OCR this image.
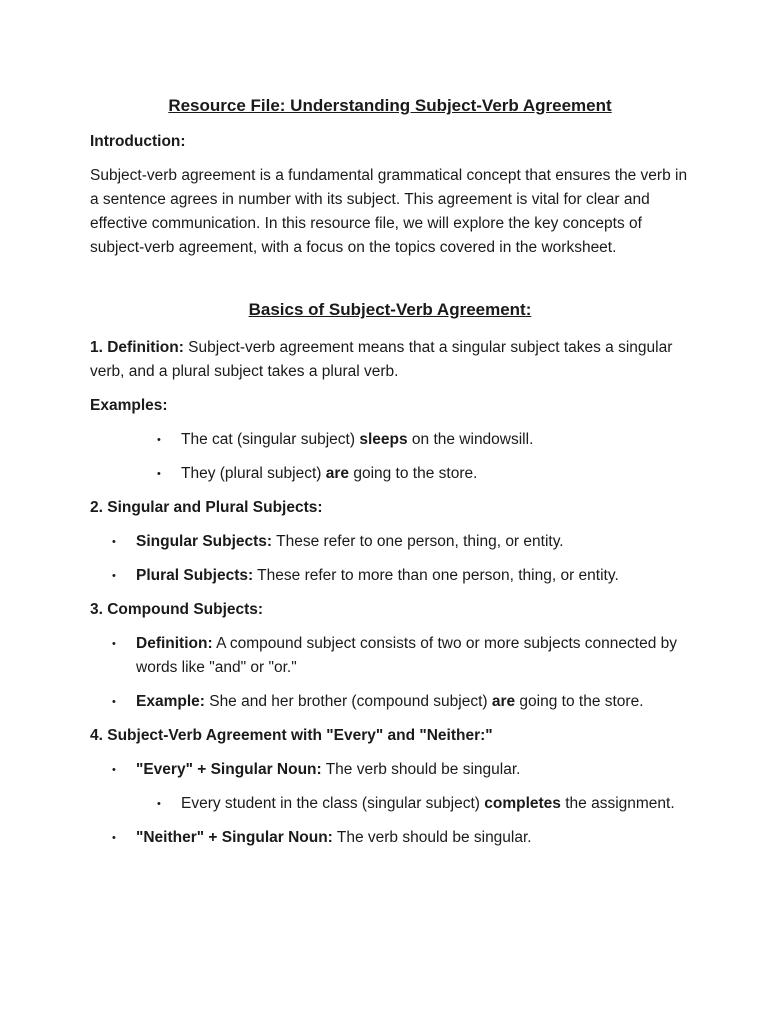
Resource File: Understanding Subject-Verb Agreement
Introduction:
Subject-verb agreement is a fundamental grammatical concept that ensures the verb in a sentence agrees in number with its subject. This agreement is vital for clear and effective communication. In this resource file, we will explore the key concepts of subject-verb agreement, with a focus on the topics covered in the worksheet.
Basics of Subject-Verb Agreement:
1. Definition: Subject-verb agreement means that a singular subject takes a singular verb, and a plural subject takes a plural verb.
Examples:
• The cat (singular subject) sleeps on the windowsill.
• They (plural subject) are going to the store.
2. Singular and Plural Subjects:
• Singular Subjects: These refer to one person, thing, or entity.
• Plural Subjects: These refer to more than one person, thing, or entity.
3. Compound Subjects:
• Definition: A compound subject consists of two or more subjects connected by words like "and" or "or."
• Example: She and her brother (compound subject) are going to the store.
4. Subject-Verb Agreement with "Every" and "Neither:"
• "Every" + Singular Noun: The verb should be singular.
• Every student in the class (singular subject) completes the assignment.
• "Neither" + Singular Noun: The verb should be singular.
